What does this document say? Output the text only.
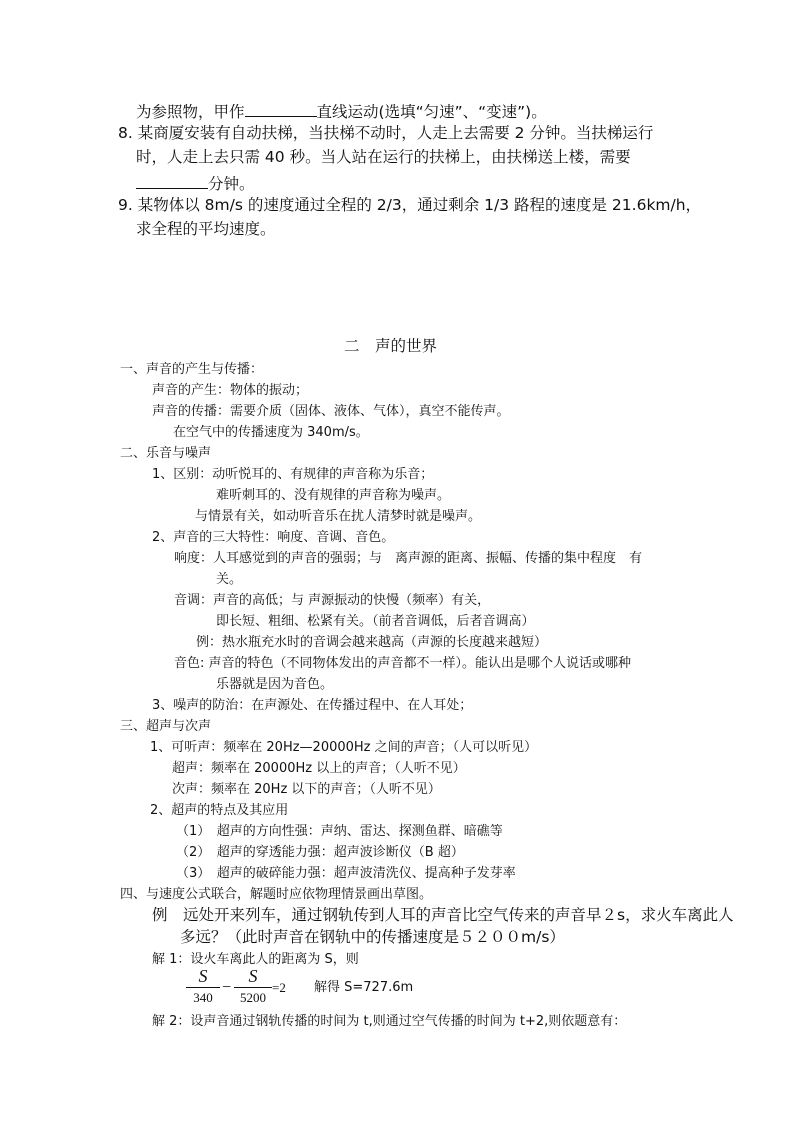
为参照物，甲作	直线运动(选填“匀速”、“变速”)。
8. 某商厦安装有自动扶梯，当扶梯不动时，人走上去需要 2 分钟。当扶梯运行
时，人走上去只需 40 秒。当人站在运行的扶梯上，由扶梯送上楼，需要
分钟。
9. 某物体以 8m/s 的速度通过全程的 2/3，通过剩余 1/3 路程的速度是 21.6km/h，
求全程的平均速度。
二　声的世界
一、声音的产生与传播：
声音的产生：物体的振动；
声音的传播：需要介质（固体、液体、气体），真空不能传声。
在空气中的传播速度为 340m/s。
二、乐音与噪声
1、区别：动听悦耳的、有规律的声音称为乐音；
难听刺耳的、没有规律的声音称为噪声。
与情景有关，如动听音乐在扰人清梦时就是噪声。
2、声音的三大特性：响度、音调、音色。
响度：人耳感觉到的声音的强弱；与　离声源的距离、振幅、传播的集中程度　有
关。
音调：声音的高低；与 声源振动的快慢（频率）有关，
即长短、粗细、松紧有关。（前者音调低，后者音调高）
例：热水瓶充水时的音调会越来越高（声源的长度越来越短）
音色: 声音的特色（不同物体发出的声音都不一样）。能认出是哪个人说话或哪种
乐器就是因为音色。
3、噪声的防治：在声源处、在传播过程中、在人耳处；
三、超声与次声
1、可听声：频率在 20Hz—20000Hz 之间的声音；（人可以听见）
超声：频率在 20000Hz 以上的声音；（人听不见）
次声：频率在 20Hz 以下的声音；（人听不见）
2、超声的特点及其应用
（1）　超声的方向性强：声纳、雷达、探测鱼群、暗礁等
（2）　超声的穿透能力强：超声波诊断仪（B 超）
（3）　超声的破碎能力强：超声波清洗仪、提高种子发芽率
四、与速度公式联合，解题时应依物理情景画出草图。
例　远处开来列车，通过钢轨传到人耳的声音比空气传来的声音早２s，求火车离此人
多远？（此时声音在钢轨中的传播速度是５２００m/s）
解 1：设火车离此人的距离为 S，则
S
340
−
S
5200
=2 解得 S=727.6m
解 2：设声音通过钢轨传播的时间为 t,则通过空气传播的时间为 t+2,则依题意有：
